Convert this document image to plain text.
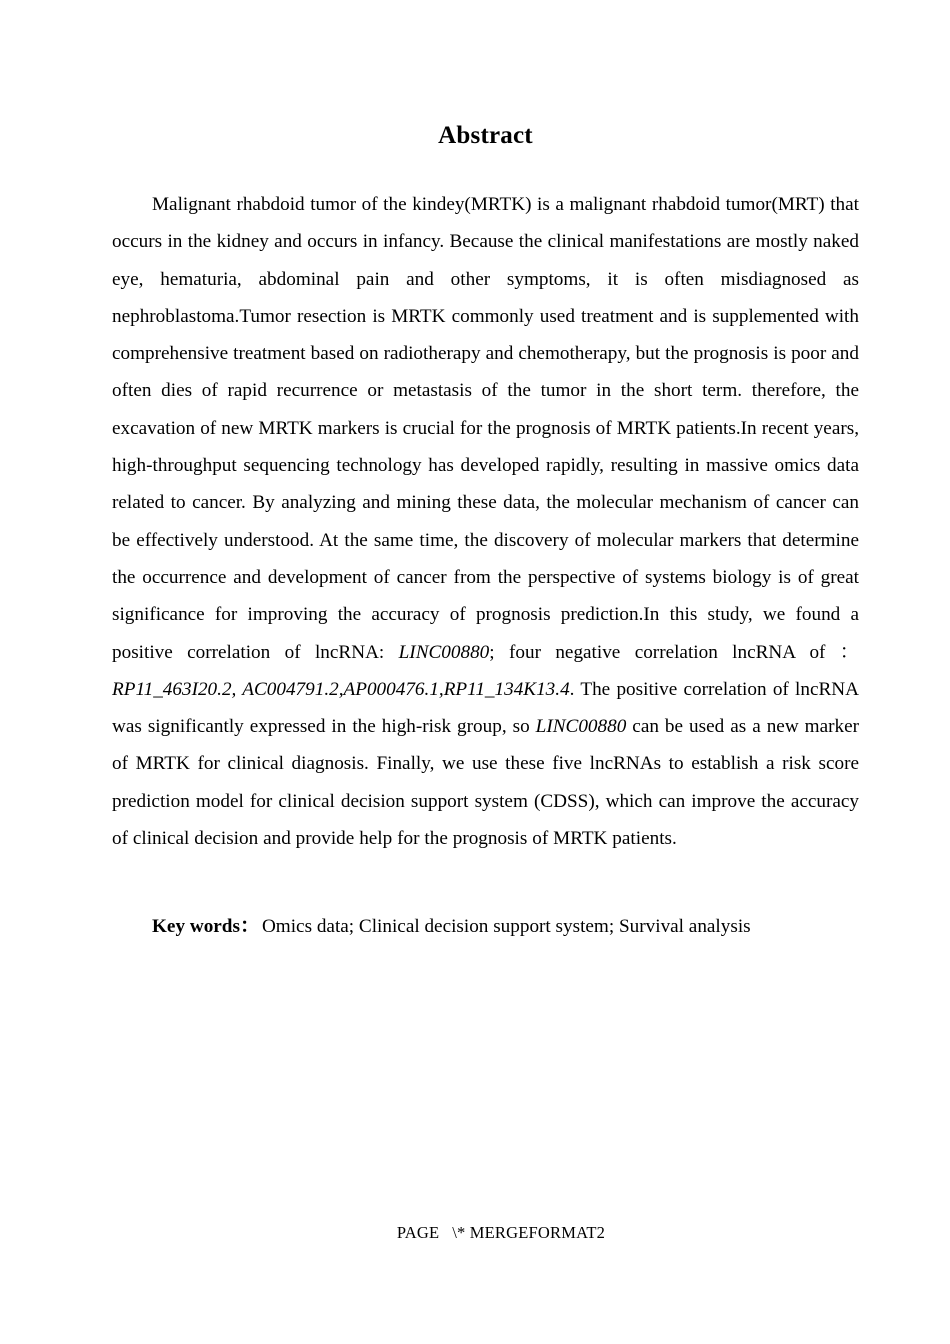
Abstract
Malignant rhabdoid tumor of the kindey(MRTK) is a malignant rhabdoid tumor(MRT) that occurs in the kidney and occurs in infancy. Because the clinical manifestations are mostly naked eye, hematuria, abdominal pain and other symptoms, it is often misdiagnosed as nephroblastoma.Tumor resection is MRTK commonly used treatment and is supplemented with comprehensive treatment based on radiotherapy and chemotherapy, but the prognosis is poor and often dies of rapid recurrence or metastasis of the tumor in the short term. therefore, the excavation of new MRTK markers is crucial for the prognosis of MRTK patients.In recent years, high-throughput sequencing technology has developed rapidly, resulting in massive omics data related to cancer. By analyzing and mining these data, the molecular mechanism of cancer can be effectively understood. At the same time, the discovery of molecular markers that determine the occurrence and development of cancer from the perspective of systems biology is of great significance for improving the accuracy of prognosis prediction.In this study, we found a positive correlation of lncRNA: LINC00880; four negative correlation lncRNA of ：RP11_463I20.2, AC004791.2,AP000476.1,RP11_134K13.4. The positive correlation of lncRNA was significantly expressed in the high-risk group, so LINC00880 can be used as a new marker of MRTK for clinical diagnosis. Finally, we use these five lncRNAs to establish a risk score prediction model for clinical decision support system (CDSS), which can improve the accuracy of clinical decision and provide help for the prognosis of MRTK patients.
Key words： Omics data; Clinical decision support system; Survival analysis
PAGE   \* MERGEFORMAT2
